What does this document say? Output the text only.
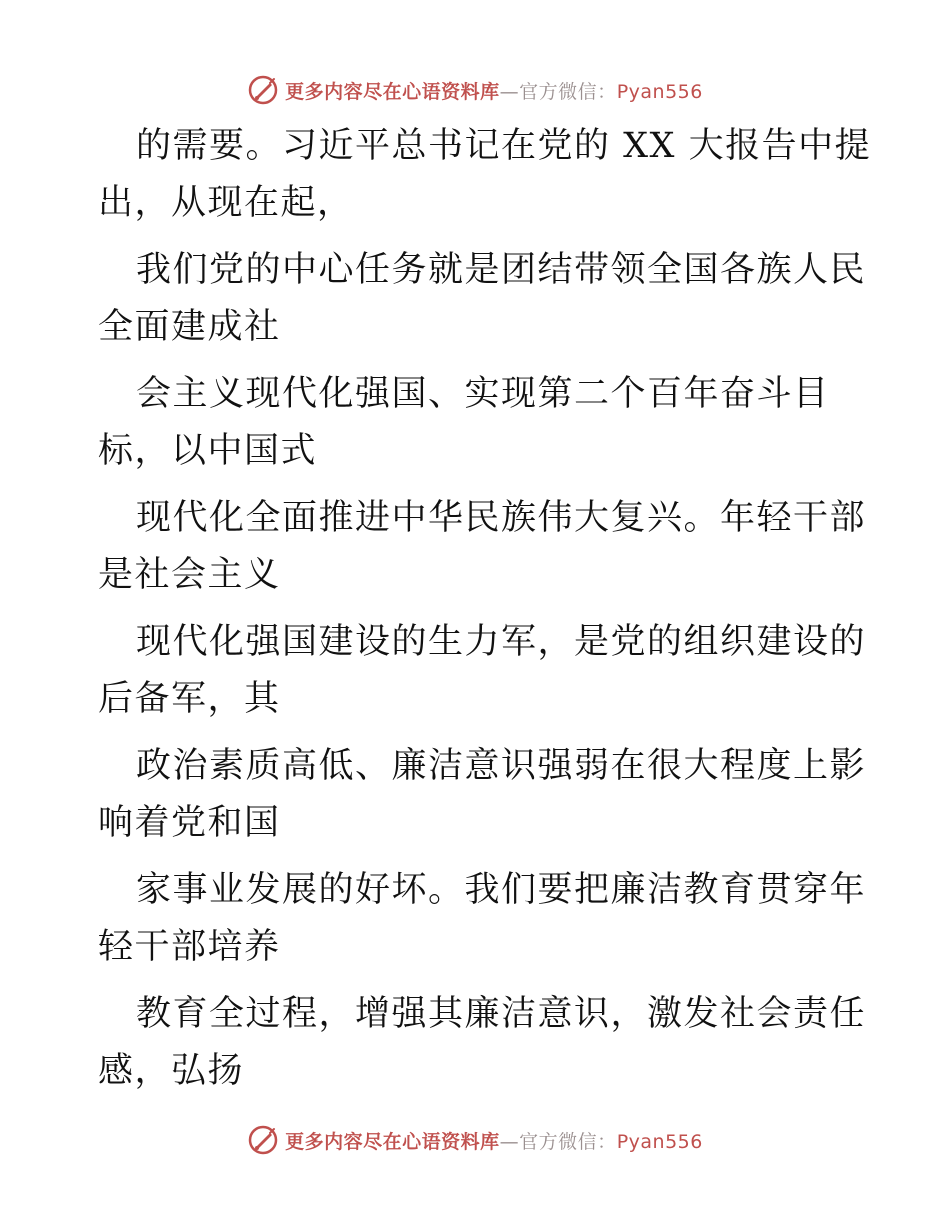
更多内容尽在心语资料库—官方微信：Pyan556

的需要。习近平总书记在党的 XX 大报告中提出，从现在起，

我们党的中心任务就是团结带领全国各族人民全面建成社

会主义现代化强国、实现第二个百年奋斗目标，以中国式

现代化全面推进中华民族伟大复兴。年轻干部是社会主义

现代化强国建设的生力军，是党的组织建设的后备军，其

政治素质高低、廉洁意识强弱在很大程度上影响着党和国

家事业发展的好坏。我们要把廉洁教育贯穿年轻干部培养

教育全过程，增强其廉洁意识，激发社会责任感，弘扬

更多内容尽在心语资料库—官方微信：Pyan556
